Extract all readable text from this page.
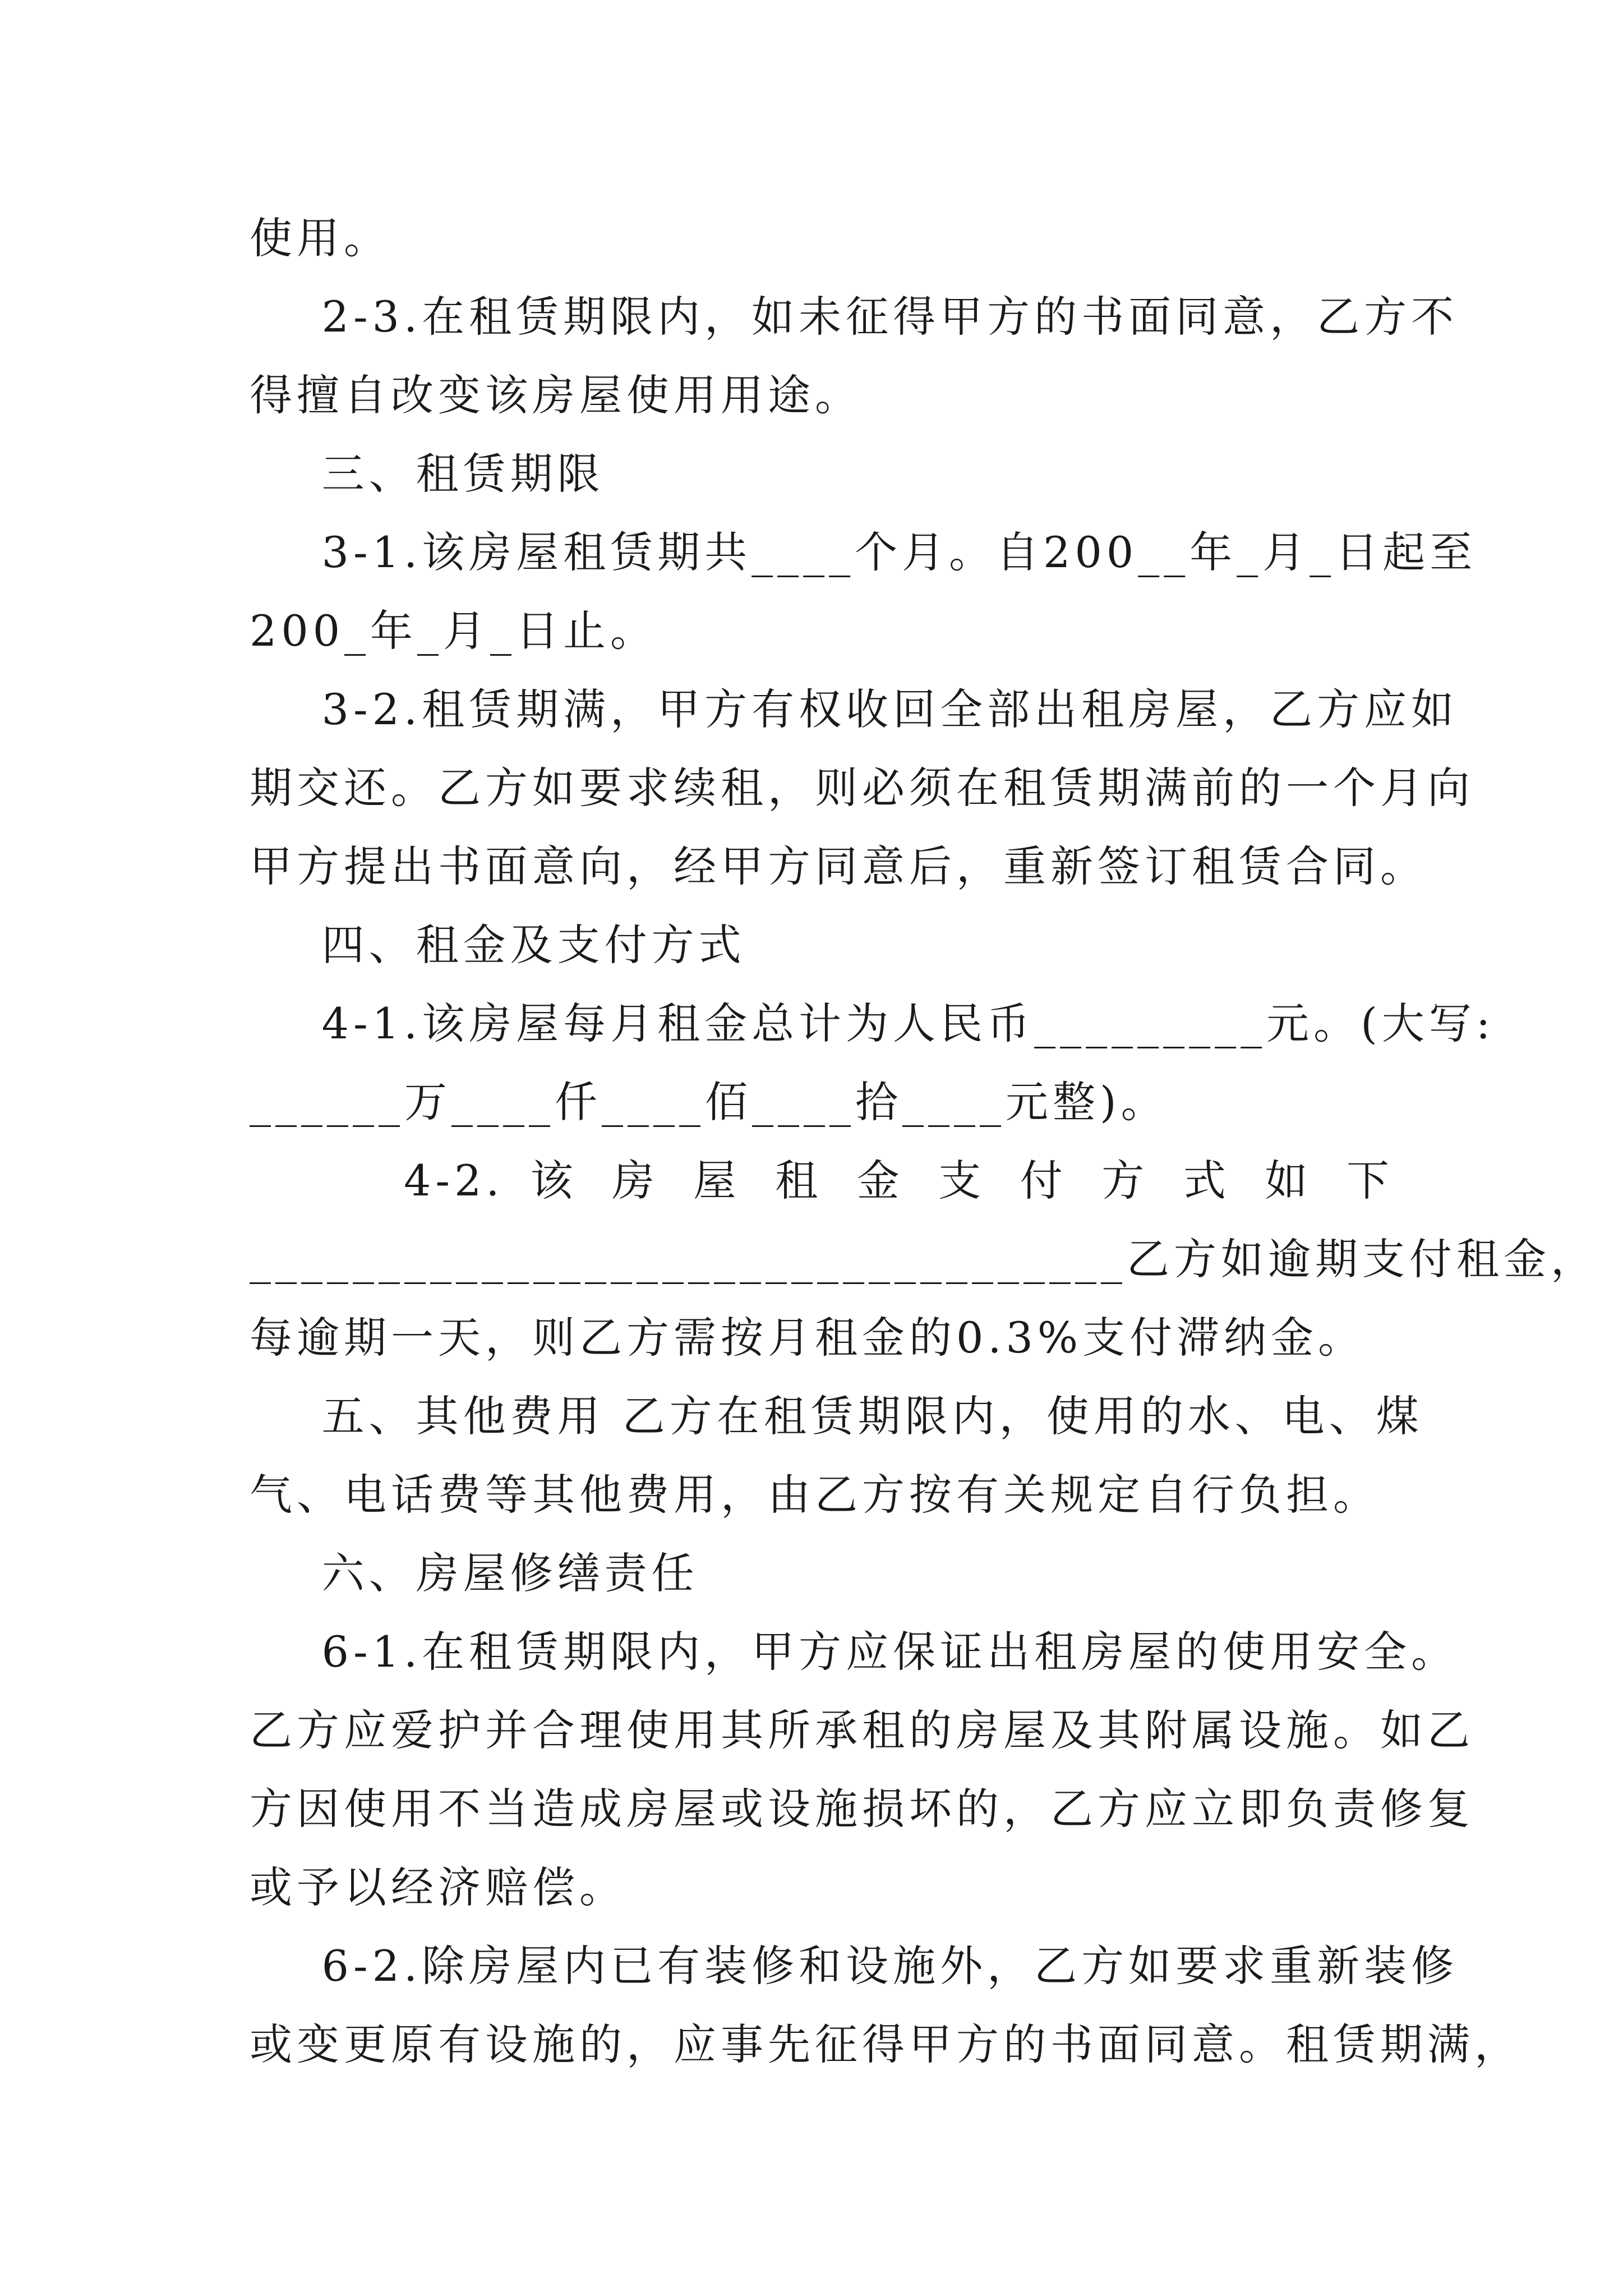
使用。
2-3.在租赁期限内，如未征得甲方的书面同意，乙方不
得擅自改变该房屋使用用途。
三、租赁期限
3-1.该房屋租赁期共____个月。自200__年_月_日起至
200_年_月_日止。
3-2.租赁期满，甲方有权收回全部出租房屋，乙方应如
期交还。乙方如要求续租，则必须在租赁期满前的一个月向
甲方提出书面意向，经甲方同意后，重新签订租赁合同。
四、租金及支付方式
4-1.该房屋每月租金总计为人民币_________元。(大写:
______万____仟____佰____拾____元整)。
4-2. 该 房 屋 租 金 支 付 方 式 如 下
__________________________________乙方如逾期支付租金，
每逾期一天，则乙方需按月租金的0.3%支付滞纳金。
五、其他费用 乙方在租赁期限内，使用的水、电、煤
气、电话费等其他费用，由乙方按有关规定自行负担。
六、房屋修缮责任
6-1.在租赁期限内，甲方应保证出租房屋的使用安全。
乙方应爱护并合理使用其所承租的房屋及其附属设施。如乙
方因使用不当造成房屋或设施损坏的，乙方应立即负责修复
或予以经济赔偿。
6-2.除房屋内已有装修和设施外，乙方如要求重新装修
或变更原有设施的，应事先征得甲方的书面同意。租赁期满，
